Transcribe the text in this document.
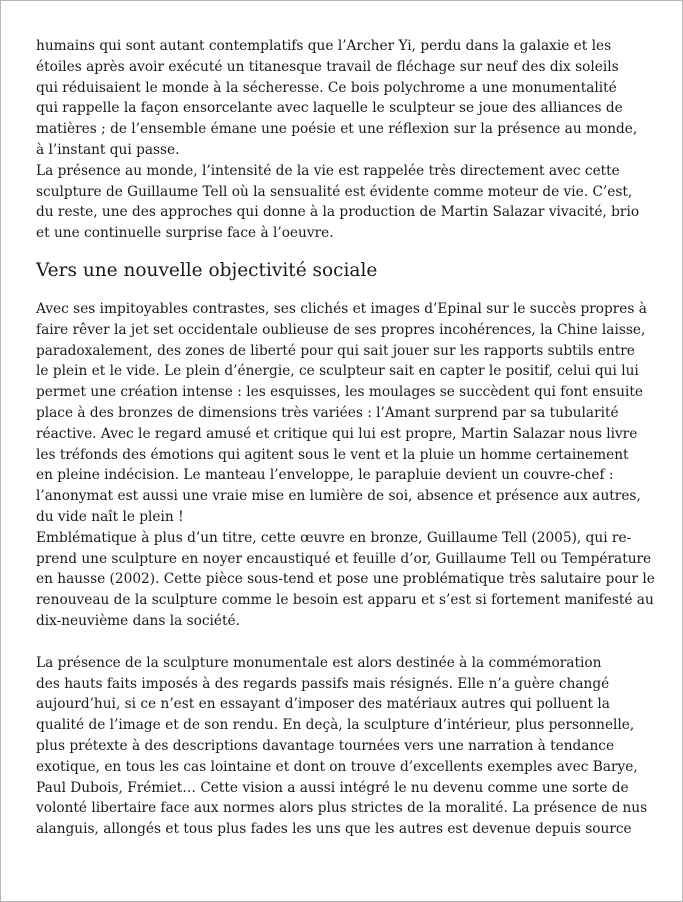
humains qui sont autant contemplatifs que l’Archer Yi, perdu dans la galaxie et les
étoiles après avoir exécuté un titanesque travail de fléchage sur neuf des dix soleils
qui réduisaient le monde à la sécheresse. Ce bois polychrome a une monumentalité
qui rappelle la façon ensorcelante avec laquelle le sculpteur se joue des alliances de
matières ; de l’ensemble émane une poésie et une réflexion sur la présence au monde,
à l’instant qui passe.

La présence au monde, l’intensité de la vie est rappelée très directement avec cette
sculpture de Guillaume Tell où la sensualité est évidente comme moteur de vie. C’est,
du reste, une des approches qui donne à la production de Martin Salazar vivacité, brio
et une continuelle surprise face à l’oeuvre.

Vers une nouvelle objectivité sociale

Avec ses impitoyables contrastes, ses clichés et images d’Epinal sur le succès propres à
faire rêver la jet set occidentale oublieuse de ses propres incohérences, la Chine laisse,
paradoxalement, des zones de liberté pour qui sait jouer sur les rapports subtils entre
le plein et le vide. Le plein d’énergie, ce sculpteur sait en capter le positif, celui qui lui
permet une création intense : les esquisses, les moulages se succèdent qui font ensuite
place à des bronzes de dimensions très variées : l’Amant surprend par sa tubularité
réactive. Avec le regard amusé et critique qui lui est propre, Martin Salazar nous livre
les tréfonds des émotions qui agitent sous le vent et la pluie un homme certainement
en pleine indécision. Le manteau l’enveloppe, le parapluie devient un couvre-chef :
l’anonymat est aussi une vraie mise en lumière de soi, absence et présence aux autres,
du vide naît le plein !

Emblématique à plus d’un titre, cette œuvre en bronze, Guillaume Tell (2005), qui re-
prend une sculpture en noyer encaustiqué et feuille d’or, Guillaume Tell ou Température
en hausse (2002). Cette pièce sous-tend et pose une problématique très salutaire pour le
renouveau de la sculpture comme le besoin est apparu et s’est si fortement manifesté au
dix-neuvième dans la société.

La présence de la sculpture monumentale est alors destinée à la commémoration
des hauts faits imposés à des regards passifs mais résignés. Elle n’a guère changé
aujourd’hui, si ce n’est en essayant d’imposer des matériaux autres qui polluent la
qualité de l’image et de son rendu. En deçà, la sculpture d’intérieur, plus personnelle,
plus prétexte à des descriptions davantage tournées vers une narration à tendance
exotique, en tous les cas lointaine et dont on trouve d’excellents exemples avec Barye,
Paul Dubois, Frémiet… Cette vision a aussi intégré le nu devenu comme une sorte de
volonté libertaire face aux normes alors plus strictes de la moralité. La présence de nus
alanguis, allongés et tous plus fades les uns que les autres est devenue depuis source
